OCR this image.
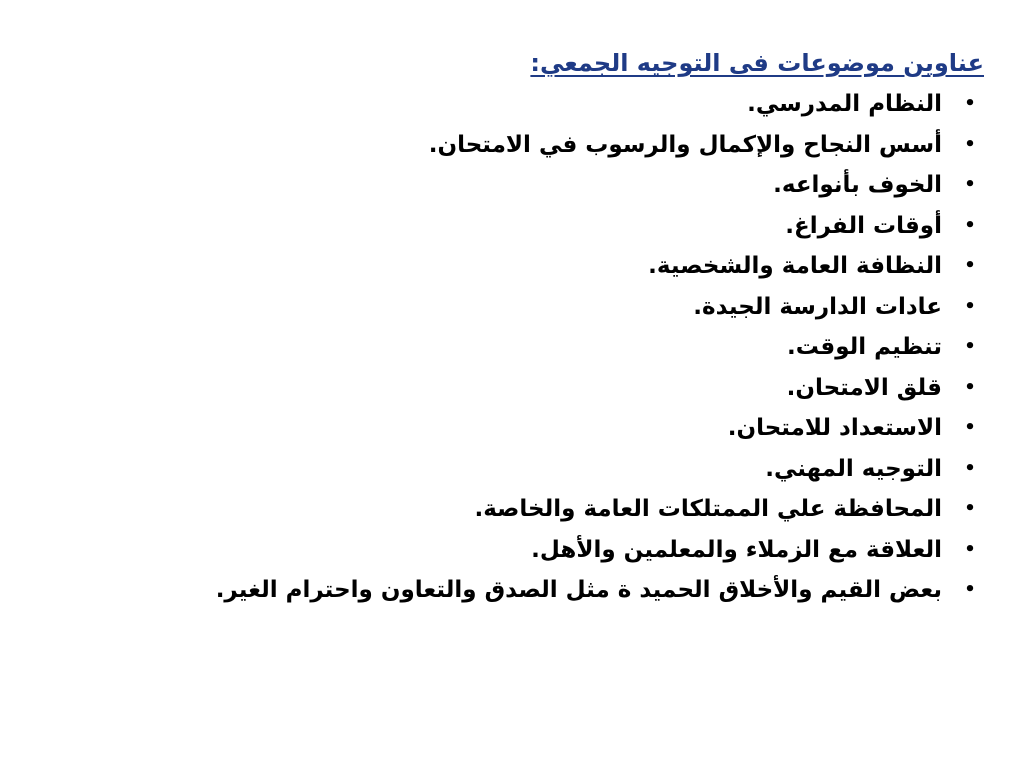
عناوين موضوعات فى التوجيه الجمعي:
•
النظام المدرسي.
•
أسس النجاح والإكمال والرسوب في الامتحان.
•
الخوف بأنواعه.
•
أوقات الفراغ.
•
النظافة العامة والشخصية.
•
عادات الدارسة الجيدة.
•
تنظيم الوقت.
•
قلق الامتحان.
•
الاستعداد للامتحان.
•
التوجيه المهني.
•
المحافظة علي الممتلكات العامة والخاصة.
•
العلاقة مع الزملاء والمعلمين والأهل.
•
بعض القيم والأخلاق الحميد ة مثل الصدق والتعاون واحترام الغير.
